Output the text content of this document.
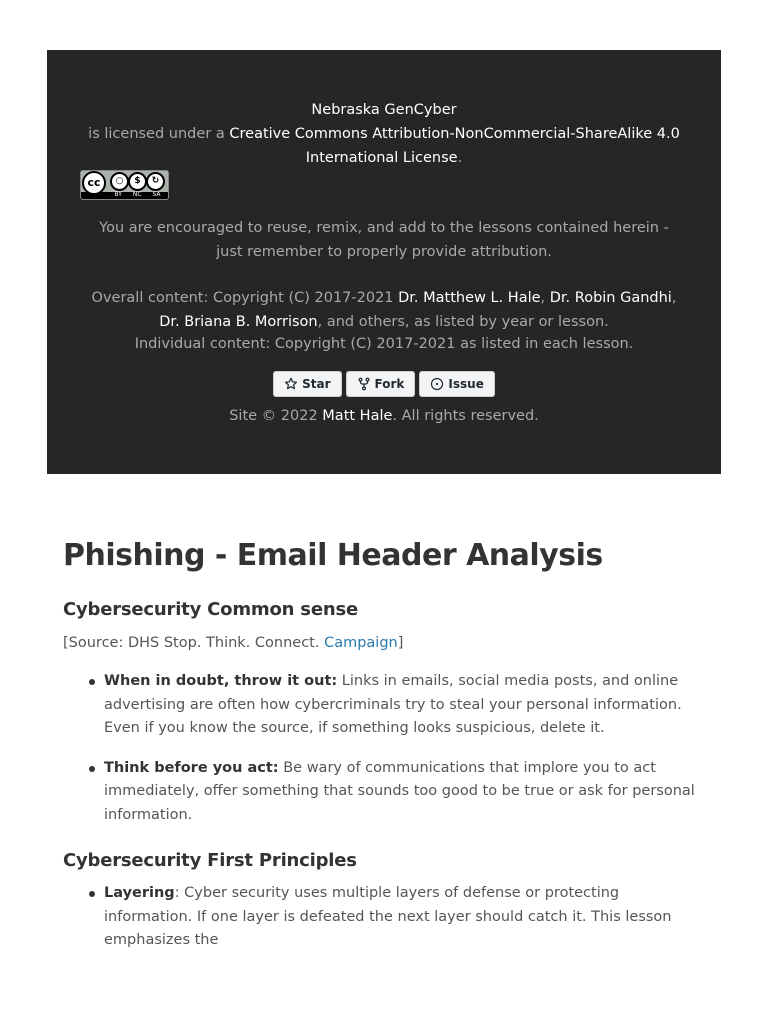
Nebraska GenCyber
is licensed under a Creative Commons Attribution-NonCommercial-ShareAlike 4.0 International License.
cc	○	$	↻
BY NC SA
You are encouraged to reuse, remix, and add to the lessons contained herein - just remember to properly provide attribution.
Overall content: Copyright (C) 2017-2021 Dr. Matthew L. Hale, Dr. Robin Gandhi, Dr. Briana B. Morrison, and others, as listed by year or lesson.
Individual content: Copyright (C) 2017-2021 as listed in each lesson.
Star	Fork	Issue
Site © 2022 Matt Hale. All rights reserved.
Phishing - Email Header Analysis
Cybersecurity Common sense
[Source: DHS Stop. Think. Connect. Campaign]
When in doubt, throw it out: Links in emails, social media posts, and online advertising are often how cybercriminals try to steal your personal information. Even if you know the source, if something looks suspicious, delete it.
Think before you act: Be wary of communications that implore you to act immediately, offer something that sounds too good to be true or ask for personal information.
Cybersecurity First Principles
Layering: Cyber security uses multiple layers of defense or protecting information. If one layer is defeated the next layer should catch it. This lesson emphasizes the
